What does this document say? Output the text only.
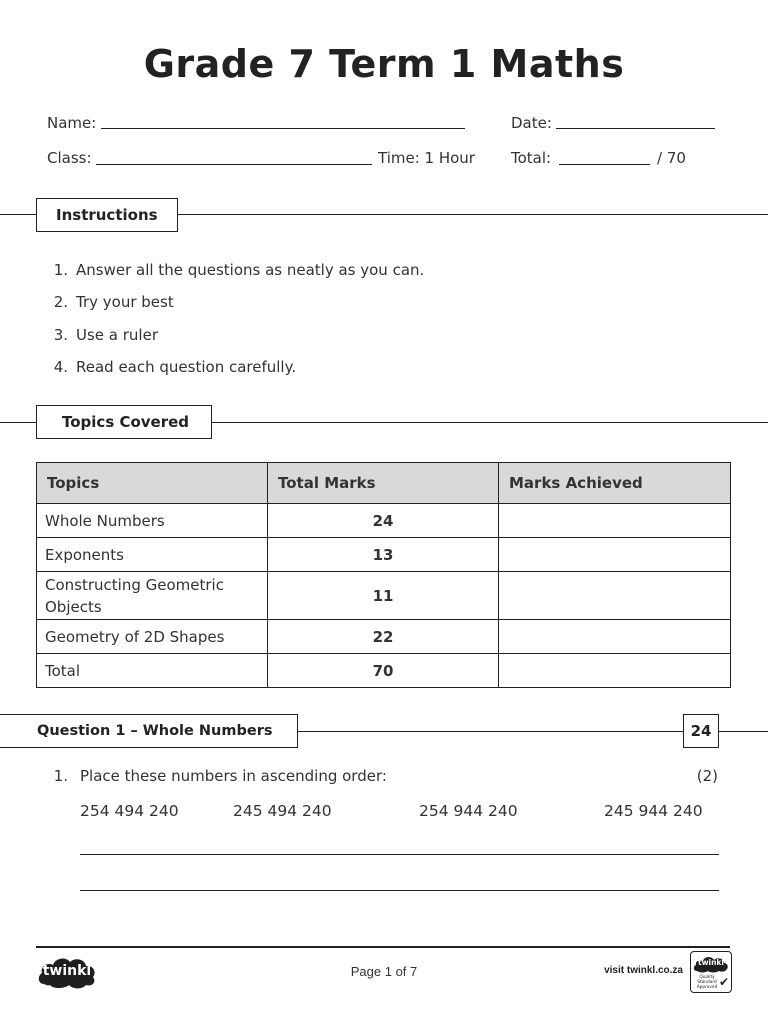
Grade 7 Term 1 Maths
Name:	Date:
Class:	Time: 1 Hour Total:	/ 70
Instructions
1. Answer all the questions as neatly as you can.
2. Try your best
3. Use a ruler
4. Read each question carefully.
Topics Covered
Topics	Total Marks	Marks Achieved
Whole Numbers	24	
Exponents	13	
Constructing Geometric Objects	11	
Geometry of 2D Shapes	22	
Total	70	
Question 1 – Whole Numbers	24
1. Place these numbers in ascending order:	(2)
254 494 240	245 494 240	254 944 240	245 944 240
twinkl	Page 1 of 7	visit twinkl.co.za
twinkl
Quality Standard Approved ✔
